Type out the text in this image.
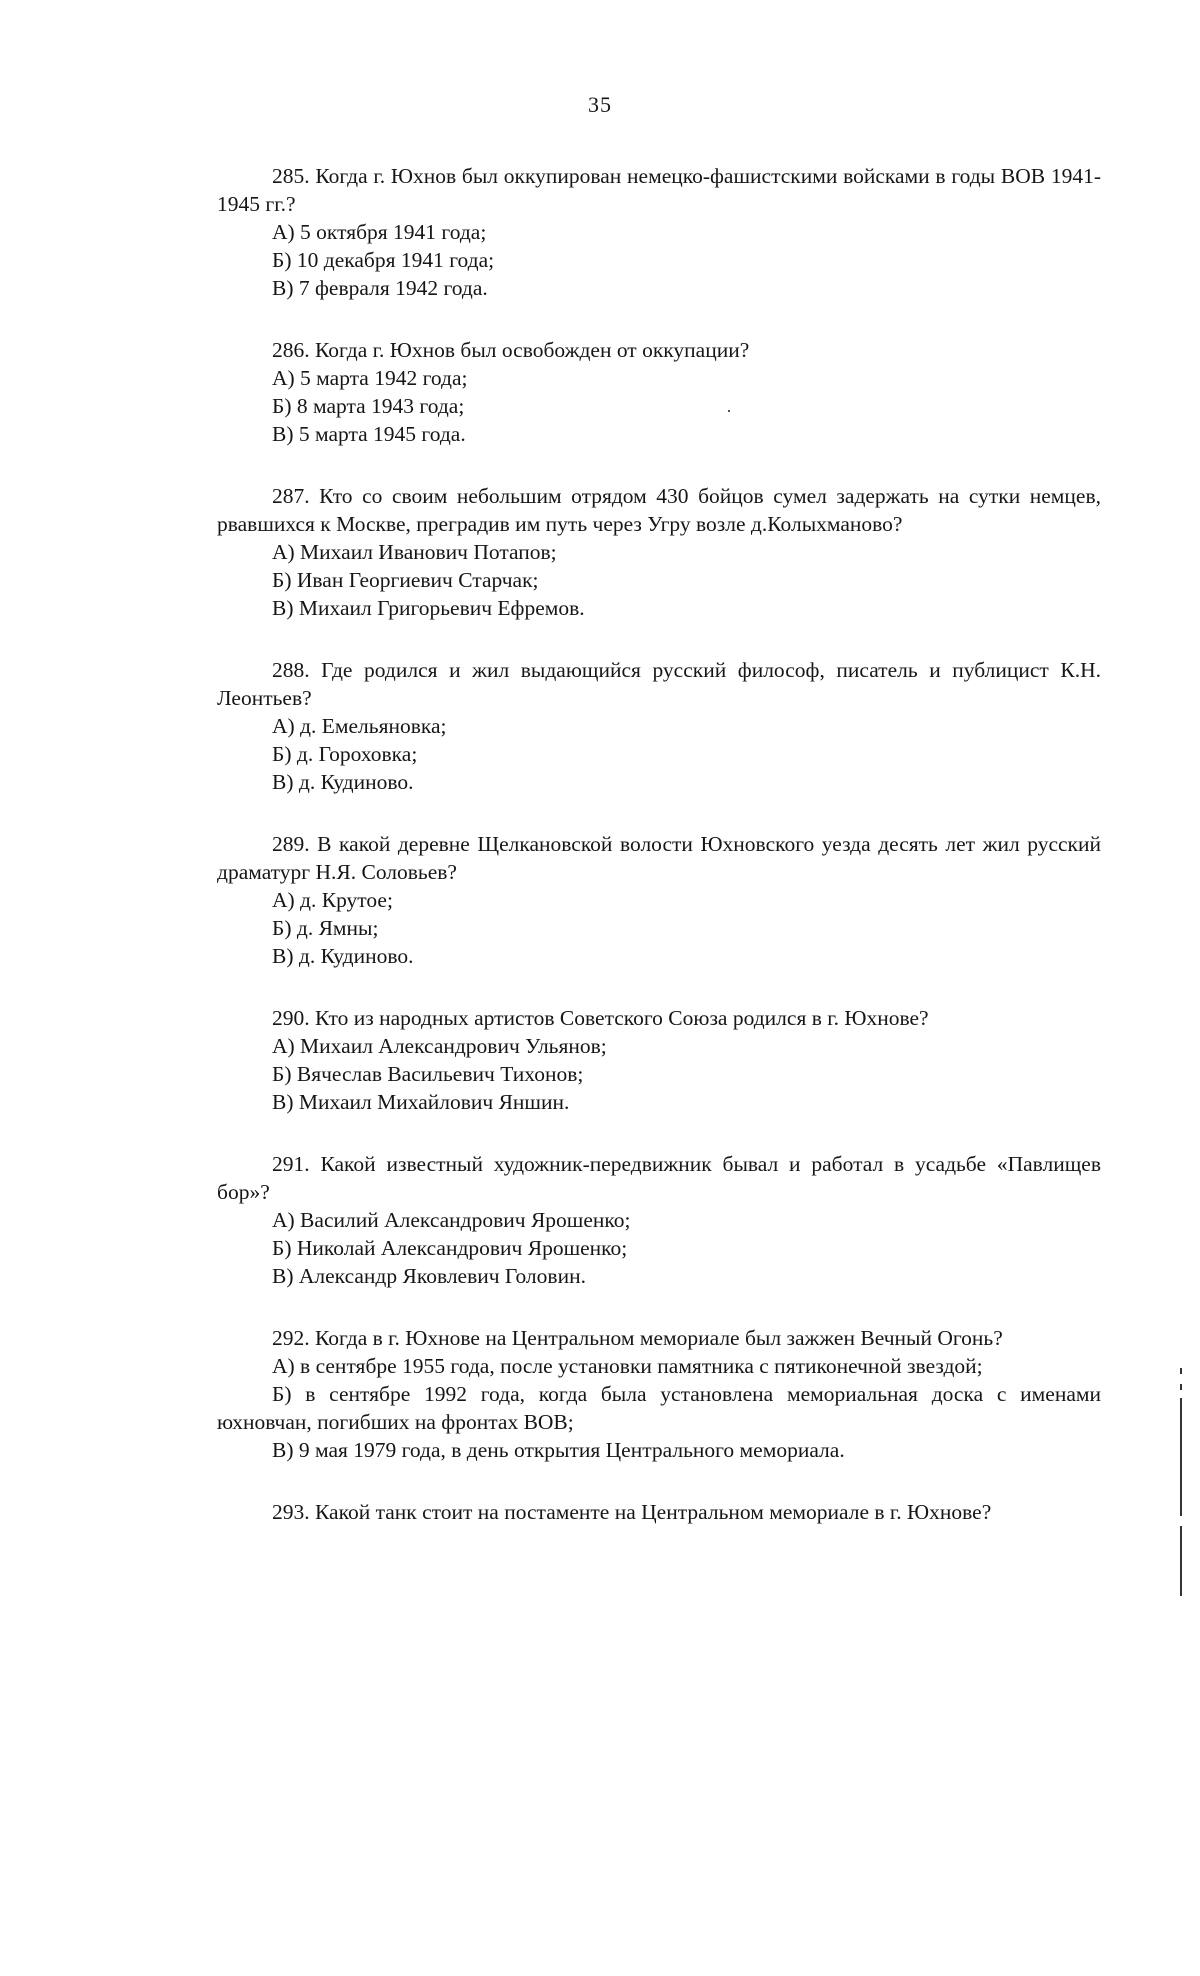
35

285. Когда г. Юхнов был оккупирован немецко-фашистскими войсками в годы ВОВ 1941-1945 гг.?

А) 5 октября 1941 года;

Б) 10 декабря 1941 года;

В) 7 февраля 1942 года.

286. Когда г. Юхнов был освобожден от оккупации?

А) 5 марта 1942 года;

Б) 8 марта 1943 года;

В) 5 марта 1945 года.

287. Кто со своим небольшим отрядом 430 бойцов сумел задержать на сутки немцев, рвавшихся к Москве, преградив им путь через Угру возле д.Колыхманово?

А) Михаил Иванович Потапов;

Б) Иван Георгиевич Старчак;

В) Михаил Григорьевич Ефремов.

288. Где родился и жил выдающийся русский философ, писатель и публицист К.Н. Леонтьев?

А) д. Емельяновка;

Б) д. Гороховка;

В) д. Кудиново.

289. В какой деревне Щелкановской волости Юхновского уезда десять лет жил русский драматург Н.Я. Соловьев?

А) д. Крутое;

Б) д. Ямны;

В) д. Кудиново.

290. Кто из народных артистов Советского Союза родился в г. Юхнове?

А) Михаил Александрович Ульянов;

Б) Вячеслав Васильевич Тихонов;

В) Михаил Михайлович Яншин.

291. Какой известный художник-передвижник бывал и работал в усадьбе «Павлищев бор»?

А) Василий Александрович Ярошенко;

Б) Николай Александрович Ярошенко;

В) Александр Яковлевич Головин.

292. Когда в г. Юхнове на Центральном мемориале был зажжен Вечный Огонь?

А) в сентябре 1955 года, после установки памятника с пятиконечной звездой;

Б) в сентябре 1992 года, когда была установлена мемориальная доска с именами юхновчан, погибших на фронтах ВОВ;

В) 9 мая 1979 года, в день открытия Центрального мемориала.

293. Какой танк стоит на постаменте на Центральном мемориале в г. Юхнове?
